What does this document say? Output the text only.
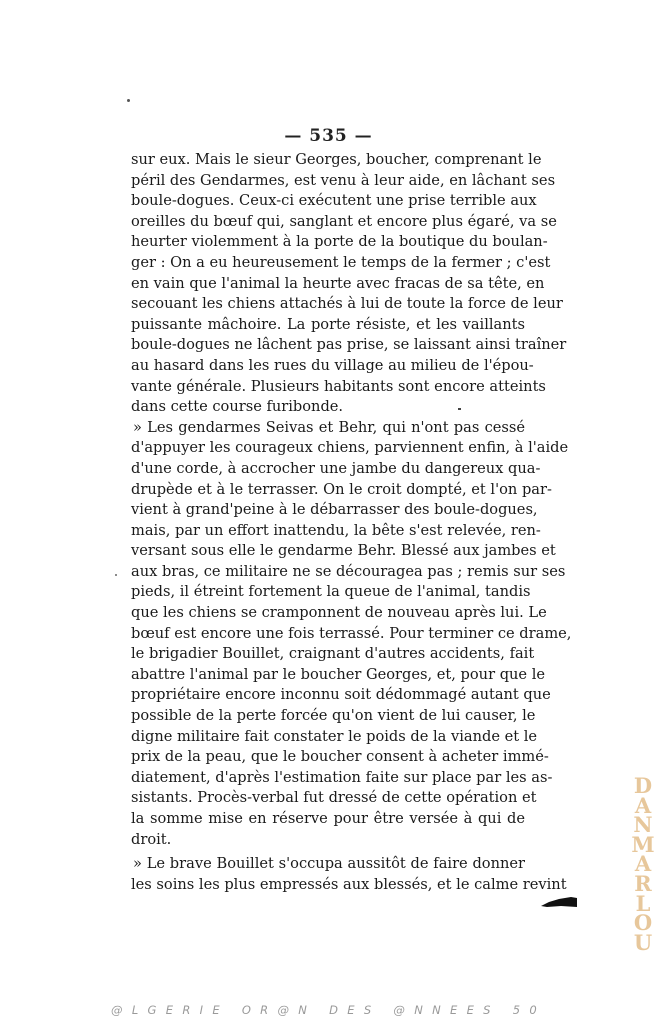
— 535 —
sur eux. Mais le sieur Georges, boucher, comprenant le
péril des Gendarmes, est venu à leur aide, en lâchant ses
boule-dogues. Ceux-ci exécutent une prise terrible aux
oreilles du bœuf qui, sanglant et encore plus égaré, va se
heurter violemment à la porte de la boutique du boulan-
ger : On a eu heureusement le temps de la fermer ; c'est
en vain que l'animal la heurte avec fracas de sa tête, en
secouant les chiens attachés à lui de toute la force de leur
puissante mâchoire. La porte résiste, et les vaillants
boule-dogues ne lâchent pas prise, se laissant ainsi traîner
au hasard dans les rues du village au milieu de l'épou-
vante générale. Plusieurs habitants sont encore atteints
dans cette course furibonde.
» Les gendarmes Seivas et Behr, qui n'ont pas cessé
d'appuyer les courageux chiens, parviennent enfin, à l'aide
d'une corde, à accrocher une jambe du dangereux qua-
drupède et à le terrasser. On le croit dompté, et l'on par-
vient à grand'peine à le débarrasser des boule-dogues,
mais, par un effort inattendu, la bête s'est relevée, ren-
versant sous elle le gendarme Behr. Blessé aux jambes et
aux bras, ce militaire ne se découragea pas ; remis sur ses
pieds, il étreint fortement la queue de l'animal, tandis
que les chiens se cramponnent de nouveau après lui. Le
bœuf est encore une fois terrassé. Pour terminer ce drame,
le brigadier Bouillet, craignant d'autres accidents, fait
abattre l'animal par le boucher Georges, et, pour que le
propriétaire encore inconnu soit dédommagé autant que
possible de la perte forcée qu'on vient de lui causer, le
digne militaire fait constater le poids de la viande et le
prix de la peau, que le boucher consent à acheter immé-
diatement, d'après l'estimation faite sur place par les as-
sistants. Procès-verbal fut dressé de cette opération et
la somme mise en réserve pour être versée à qui de
droit.
» Le brave Bouillet s'occupa aussitôt de faire donner
les soins les plus empressés aux blessés, et le calme revint
DANMARLOU
@LGERIE OR@N DES @NNEES 50
